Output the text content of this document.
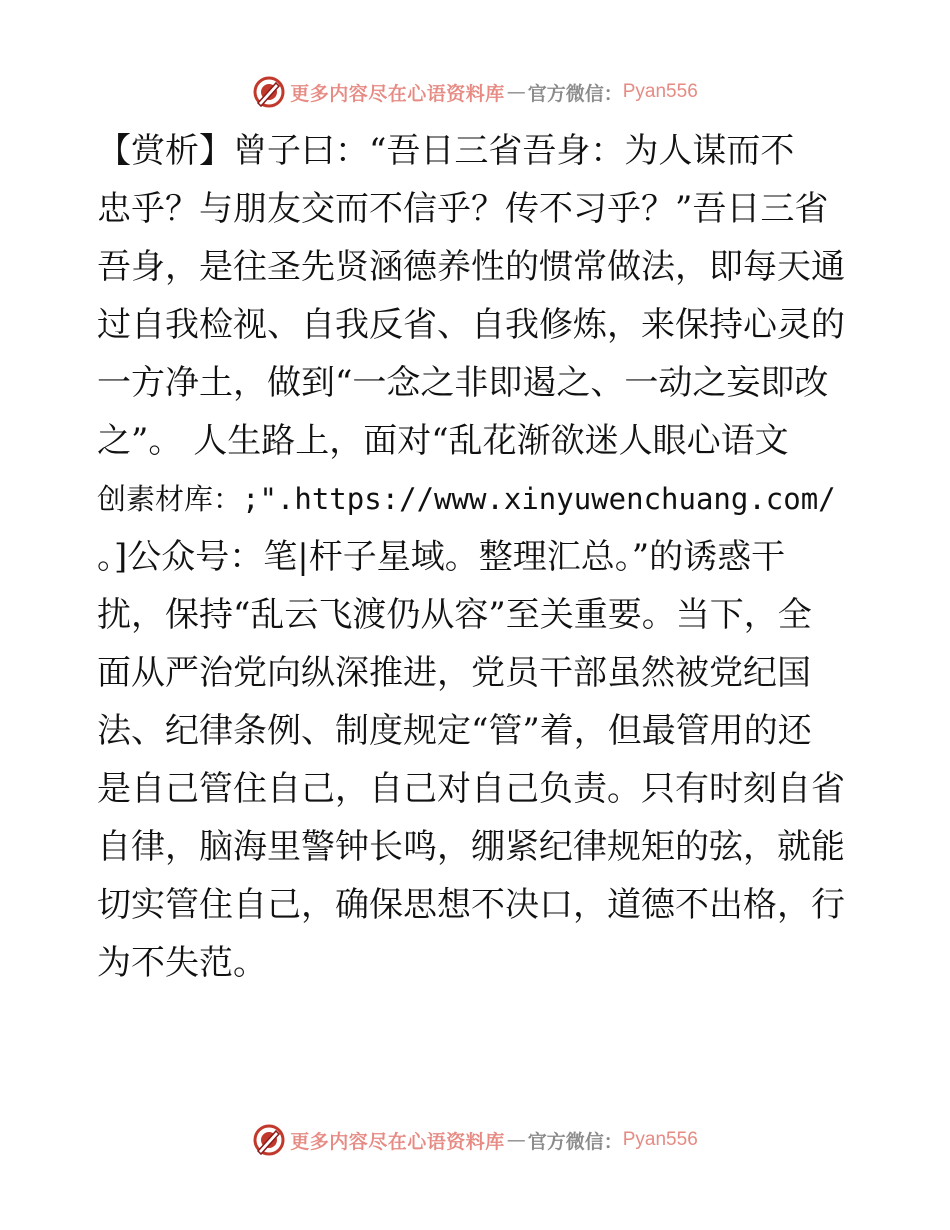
更多内容尽在心语资料库 — 官方微信： Pyan556
【赏析】曾子曰：“吾日三省吾身：为人谋而不
忠乎？与朋友交而不信乎？传不习乎？”吾日三省
吾身，是往圣先贤涵德养性的惯常做法，即每天通
过自我检视、自我反省、自我修炼，来保持心灵的
一方净土，做到“一念之非即遏之、一动之妄即改
之”。 人生路上，面对“乱花渐欲迷人眼心语文
创素材库：;".https://www.xinyuwenchuang.com/
。]公众号：笔|杆子星域。整理汇总。”的诱惑干
扰，保持“乱云飞渡仍从容”至关重要。当下，全
面从严治党向纵深推进，党员干部虽然被党纪国
法、纪律条例、制度规定“管”着，但最管用的还
是自己管住自己，自己对自己负责。只有时刻自省
自律，脑海里警钟长鸣，绷紧纪律规矩的弦，就能
切实管住自己，确保思想不决口，道德不出格，行
为不失范。
更多内容尽在心语资料库 — 官方微信： Pyan556
